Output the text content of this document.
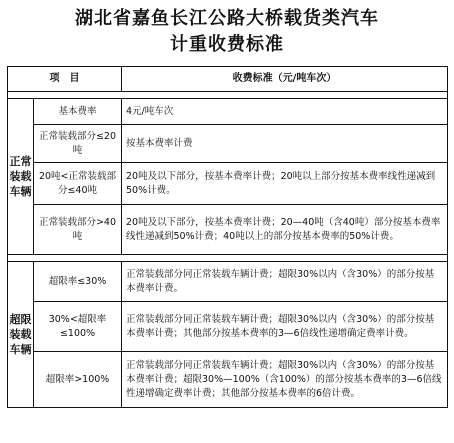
湖北省嘉鱼长江公路大桥载货类汽车
计重收费标准
项　目		收费标准（元/吨车次）

正常装载车辆	基本费率	4元/吨车次
	正常装载部分≤20吨	按基本费率计费
	20吨<正常装载部分≤40吨	20吨及以下部分，按基本费率计费；20吨以上部分按基本费率线性递减到50%计费。
	正常装载部分>40吨	20吨及以下部分，按基本费率计费；20—40吨（含40吨）部分按基本费率线性递减到50%计费；40吨以上的部分按基本费率的50%计费。

超限装载车辆	超限率≤30%	正常装载部分同正常装载车辆计费；超限30%以内（含30%）的部分按基本费率计费。
	30%<超限率≤100%	正常装载部分同正常装载车辆计费；超限30%以内（含30%）的部分按基本费率计费；其他部分按基本费率的3—6倍线性递增确定费率计费。
	超限率>100%	正常装载部分同正常装载车辆计费；超限30%以内（含30%）的部分按基本费率计费；超限30%—100%（含100%）的部分按基本费率的3—6倍线性递增确定费率计费；其他部分按基本费率的6倍计费。
